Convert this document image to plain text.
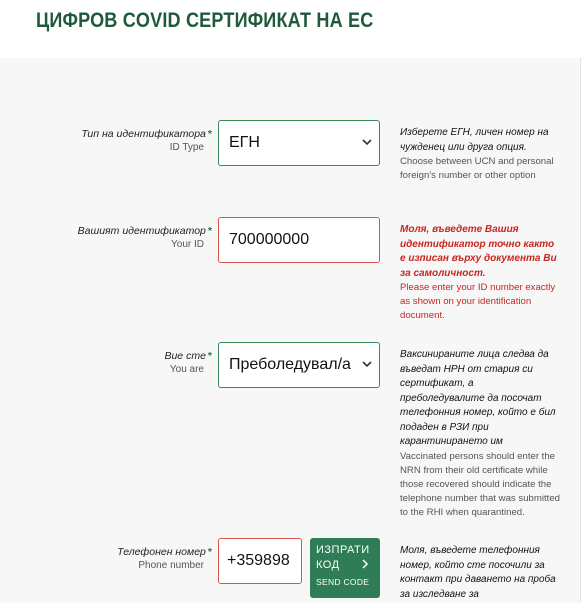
ЦИФРОВ COVID СЕРТИФИКАТ НА ЕС
Тип на идентификатора *
ID Type ЕГН
Изберете ЕГН, личен номер на чужденец или друга опция.
Choose between UCN and personal foreign's number or other option
Вашият идентификатор *
Your ID 700000000
Моля, въведете Вашия идентификатор точно както е изписан върху документа Ви за самоличност.
Please enter your ID number exactly as shown on your identification document.
Вие сте *
You are Преболедувал/а
Ваксинираните лица следва да въведат НРН от стария си сертификат, а преболедувалите да посочат телефонния номер, който е бил подаден в РЗИ при карантинирането им
Vaccinated persons should enter the NRN from their old certificate while those recovered should indicate the telephone number that was submitted to the RHI when quarantined.
Телефонен номер *
Phone number +359898
ИЗПРАТИ КОД
SEND CODE
Моля, въведете телефонния номер, който сте посочили за контакт при даването на проба за изследване за
